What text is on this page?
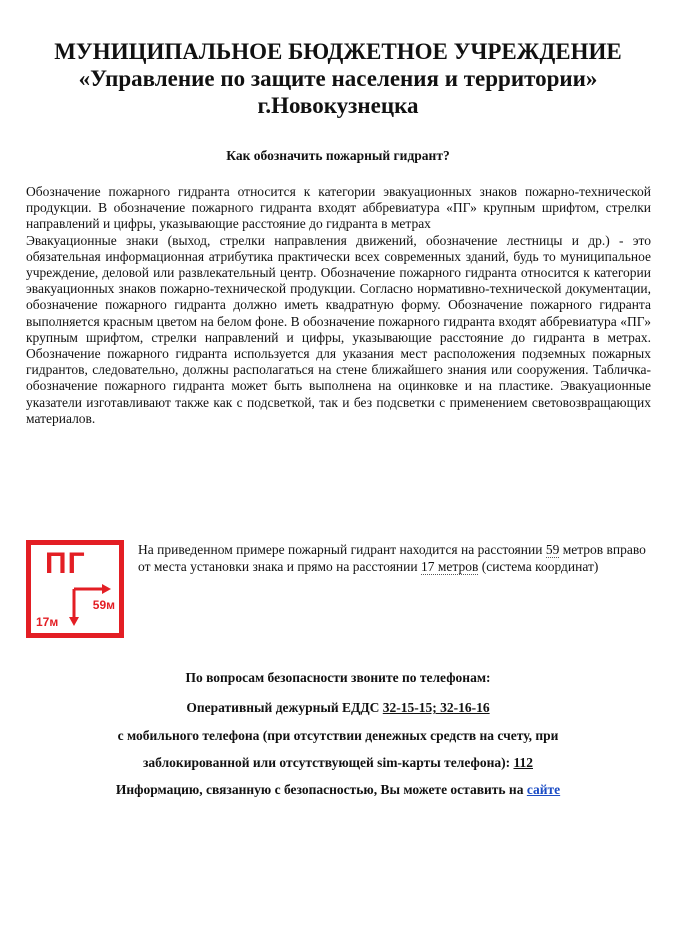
МУНИЦИПАЛЬНОЕ БЮДЖЕТНОЕ УЧРЕЖДЕНИЕ
«Управление по защите населения и территории»
г.Новокузнецка
Как обозначить пожарный гидрант?

Обозначение пожарного гидранта относится к категории эвакуационных знаков пожарно-технической продукции. В обозначение пожарного гидранта входят аббревиатура «ПГ» крупным шрифтом, стрелки направлений и цифры, указывающие расстояние до гидранта в метрах

Эвакуационные знаки (выход, стрелки направления движений, обозначение лестницы и др.) - это обязательная информационная атрибутика практически всех современных зданий, будь то муниципальное учреждение, деловой или развлекательный центр. Обозначение пожарного гидранта относится к категории эвакуационных знаков пожарно-технической продукции. Согласно нормативно-технической документации, обозначение пожарного гидранта должно иметь квадратную форму. Обозначение пожарного гидранта выполняется красным цветом на белом фоне. В обозначение пожарного гидранта входят аббревиатура «ПГ» крупным шрифтом, стрелки направлений и цифры, указывающие расстояние до гидранта в метрах. Обозначение пожарного гидранта используется для указания мест расположения подземных пожарных гидрантов, следовательно, должны располагаться на стене ближайшего знания или сооружения. Табличка-обозначение пожарного гидранта может быть выполнена на оцинковке и на пластике. Эвакуационные указатели изготавливают также как с подсветкой, так и без подсветки с применением световозвращающих материалов.

ПГ
59м
17м
На приведенном примере пожарный гидрант находится на расстоянии 59 метров вправо от места установки знака и прямо на расстоянии 17 метров (система координат)
По вопросам безопасности звоните по телефонам:
Оперативный дежурный ЕДДС 32-15-15; 32-16-16
с мобильного телефона (при отсутствии денежных средств на счету, при
заблокированной или отсутствующей sim-карты телефона): 112
Информацию, связанную с безопасностью, Вы можете оставить на сайте
